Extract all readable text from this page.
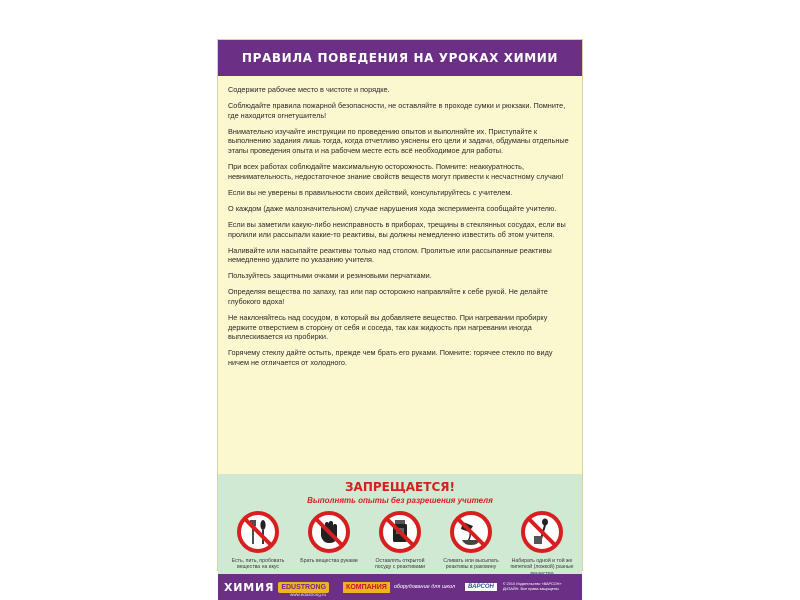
ПРАВИЛА ПОВЕДЕНИЯ НА УРОКАХ ХИМИИ

Содержите рабочее место в чистоте и порядке.

Соблюдайте правила пожарной безопасности, не оставляйте в проходе сумки и рюкзаки. Помните, где находится огнетушитель!

Внимательно изучайте инструкции по проведению опытов и выполняйте их. Приступайте к выполнению задания лишь тогда, когда отчетливо уяснены его цели и задачи, обдуманы отдельные этапы проведения опыта и на рабочем месте есть всё необходимое для работы.

При всех работах соблюдайте максимальную осторожность. Помните: неаккуратность, невнимательность, недостаточное знание свойств веществ могут привести к несчастному случаю!

Если вы не уверены в правильности своих действий, консультируйтесь с учителем.

О каждом (даже малозначительном) случае нарушения хода эксперимента сообщайте учителю.

Если вы заметили какую-либо неисправность в приборах, трещины в стеклянных сосудах, если вы пролили или рассыпали какие-то реактивы, вы должны немедленно известить об этом учителя.

Наливайте или насыпайте реактивы только над столом. Пролитые или рассыпанные реактивы немедленно удалите по указанию учителя.

Пользуйтесь защитными очками и резиновыми перчатками.

Определяя вещества по запаху, газ или пар осторожно направляйте к себе рукой. Не делайте глубокого вдоха!

Не наклоняйтесь над сосудом, в который вы добавляете вещество. При нагревании пробирку держите отверстием в сторону от себя и соседа, так как жидкость при нагревании иногда выплескивается из пробирки.

Горячему стеклу дайте остыть, прежде чем брать его руками. Помните: горячее стекло по виду ничем не отличается от холодного.

ЗАПРЕЩАЕТСЯ!
Выполнять опыты без разрешения учителя
Есть, пить, пробовать вещества на вкус
Брать вещества руками	Оставлять открытой посуду с реактивами
Сливать или высыпать реактивы в раковину
Набирать одной и той же пипеткой (ложкой) разные
ХИМИЯ	EDUSTRONG
www.edustrong.ru
КОМПАНИЯ	оборудование для школ	ВАРСОН	© 2010 Издательство «ВАРСОН» ДИЗАЙН. Все права защищены
